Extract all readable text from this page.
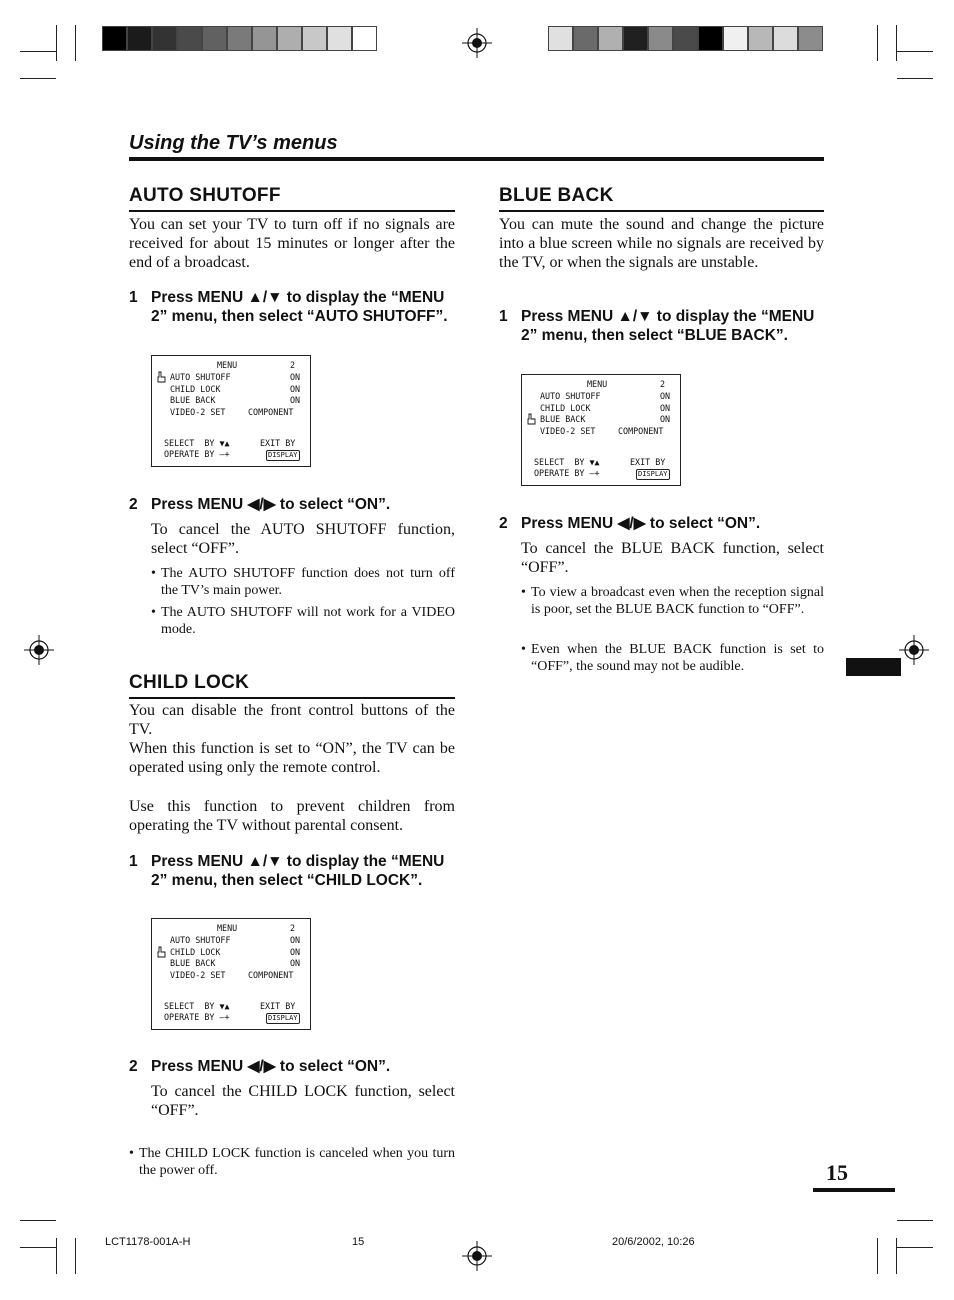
Using the TV’s menus
AUTO SHUTOFF
You can set your TV to turn off if no signals are received for about 15 minutes or longer after the end of a broadcast.
1 Press MENU ▲/▼ to display the “MENU 2” menu, then select “AUTO SHUTOFF”.
MENU	2
AUTO SHUTOFF	ON
CHILD LOCK	ON
BLUE BACK	ON
VIDEO-2 SET	COMPONENT
SELECT  BY ▼▲	EXIT BY
OPERATE BY –+	DISPLAY
2 Press MENU ◀/▶ to select “ON”.
To cancel the AUTO SHUTOFF function, select “OFF”.
• The AUTO SHUTOFF function does not turn off the TV’s main power.
• The AUTO SHUTOFF will not work for a VIDEO mode.
CHILD LOCK
You can disable the front control buttons of the TV.
When this function is set to “ON”, the TV can be operated using only the remote control.
Use this function to prevent children from operating the TV without parental consent.
1 Press MENU ▲/▼ to display the “MENU 2” menu, then select “CHILD LOCK”.
MENU	2
AUTO SHUTOFF	ON
CHILD LOCK	ON
BLUE BACK	ON
VIDEO-2 SET	COMPONENT
SELECT  BY ▼▲	EXIT BY
OPERATE BY –+	DISPLAY
2 Press MENU ◀/▶ to select “ON”.
To cancel the CHILD LOCK function, select “OFF”.
• The CHILD LOCK function is canceled when you turn the power off.
BLUE BACK
You can mute the sound and change the picture into a blue screen while no signals are received by the TV, or when the signals are unstable.
1 Press MENU ▲/▼ to display the “MENU 2” menu, then select “BLUE BACK”.
MENU	2
AUTO SHUTOFF	ON
CHILD LOCK	ON
BLUE BACK	ON
VIDEO-2 SET	COMPONENT
SELECT  BY ▼▲	EXIT BY
OPERATE BY –+	DISPLAY
2 Press MENU ◀/▶ to select “ON”.
To cancel the BLUE BACK function, select “OFF”.
• To view a broadcast even when the reception signal is poor, set the BLUE BACK function to “OFF”.
• Even when the BLUE BACK function is set to “OFF”, the sound may not be audible.
15
LCT1178-001A-H	15	20/6/2002, 10:26
